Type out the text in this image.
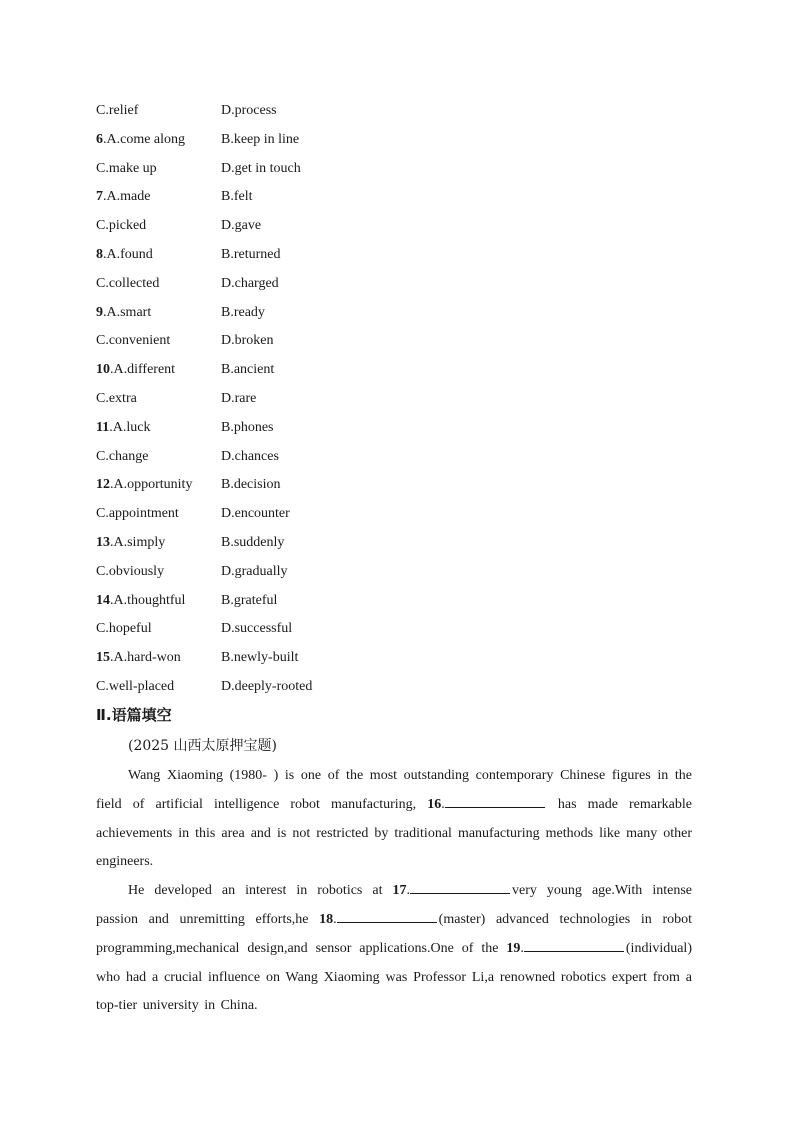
C.relief	D.process
6.A.come along	B.keep in line
C.make up	D.get in touch
7.A.made	B.felt
C.picked	D.gave
8.A.found	B.returned
C.collected	D.charged
9.A.smart	B.ready
C.convenient	D.broken
10.A.different	B.ancient
C.extra	D.rare
11.A.luck	B.phones
C.change	D.chances
12.A.opportunity B.decision
C.appointment	D.encounter
13.A.simply	B.suddenly
C.obviously	D.gradually
14.A.thoughtful	B.grateful
C.hopeful	D.successful
15.A.hard-won	B.newly-built
C.well-placed	D.deeply-rooted
Ⅱ.语篇填空
(2025 山西太原押宝题)

Wang Xiaoming (1980- ) is one of the most outstanding contemporary Chinese figures in the field of artificial intelligence robot manufacturing, 16.	has made remarkable achievements in this area and is not restricted by traditional manufacturing methods like many other engineers.

He developed an interest in robotics at 17.	very young age.With intense passion and unremitting efforts,he 18.	(master) advanced technologies in robot programming,mechanical design,and sensor applications.One of the 19.	(individual) who had a crucial influence on Wang Xiaoming was Professor Li,a renowned robotics expert from a top-tier university in China.
